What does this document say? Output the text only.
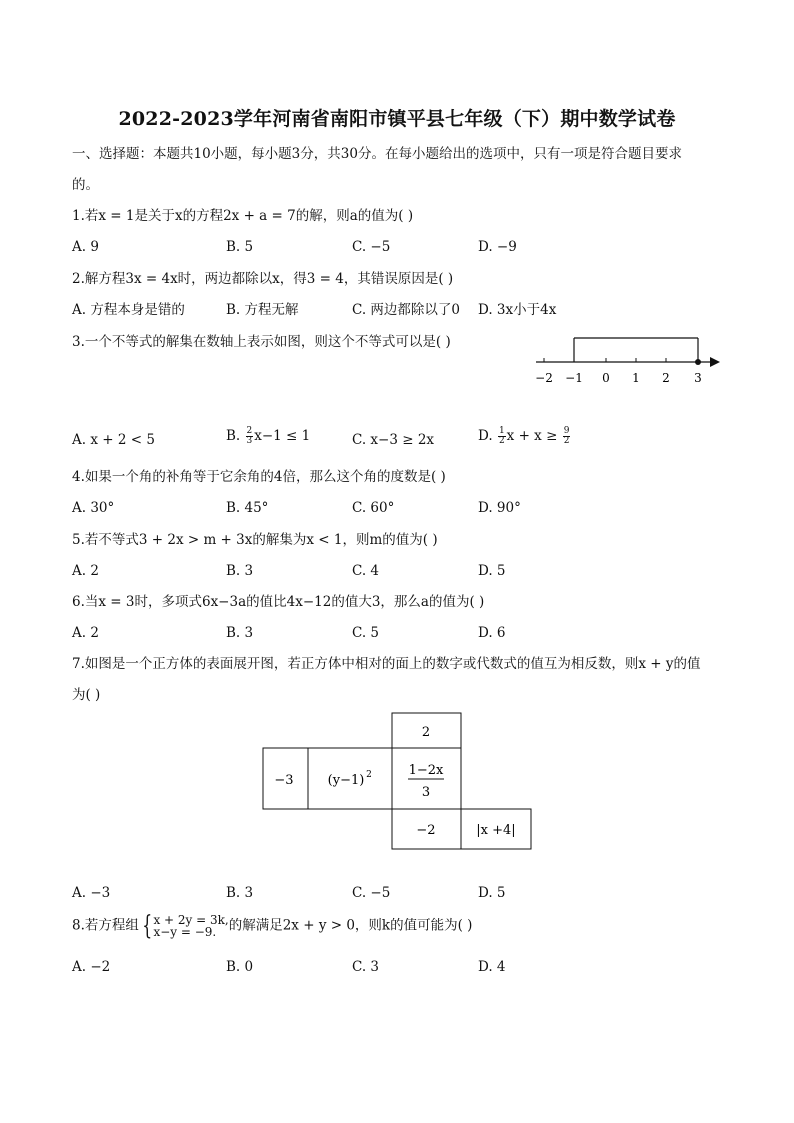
2022-2023学年河南省南阳市镇平县七年级（下）期中数学试卷
一、选择题：本题共10小题，每小题3分，共30分。在每小题给出的选项中，只有一项是符合题目要求
的。
1.若x = 1是关于x的方程2x + a = 7的解，则a的值为( )
A. 9	B. 5	C. −5	D. −9
2.解方程3x = 4x时，两边都除以x，得3 = 4，其错误原因是( )
A. 方程本身是错的	B. 方程无解	C. 两边都除以了0 D. 3x小于4x
3.一个不等式的解集在数轴上表示如图，则这个不等式可以是( )
−2 −1 0 1 2 3
A. x + 2 < 5	B. $\frac{2}{3} x-1 \le 1$	C. x−3 ≥ 2x	D. $\frac{1}{2}$ $x + x \ge \frac{9}{2}$
4.如果一个角的补角等于它余角的4倍，那么这个角的度数是( )
A. 30°	B. 45°	C. 60°	D. 90°
5.若不等式3 + 2x > m + 3x的解集为x < 1，则m的值为( )
A. 2	B. 3	C. 4	D. 5
6.当x = 3时，多项式6x−3a的值比4x−12的值大3，那么a的值为( )
A. 2	B. 3	C. 5	D. 6
7.如图是一个正方体的表面展开图，若正方体中相对的面上的数字或代数式的值互为相反数，则x + y的值
为( )
2
−3	(y−1) 2	1−2x
3
−2	|x +4|
A. −3	B. 3	C. −5	D. 5
8.若方程组 { x + 2y = 3k,
x−y = −9. 的解满足2x + y > 0，则k的值可能为( )
A. −2	B. 0	C. 3	D. 4
